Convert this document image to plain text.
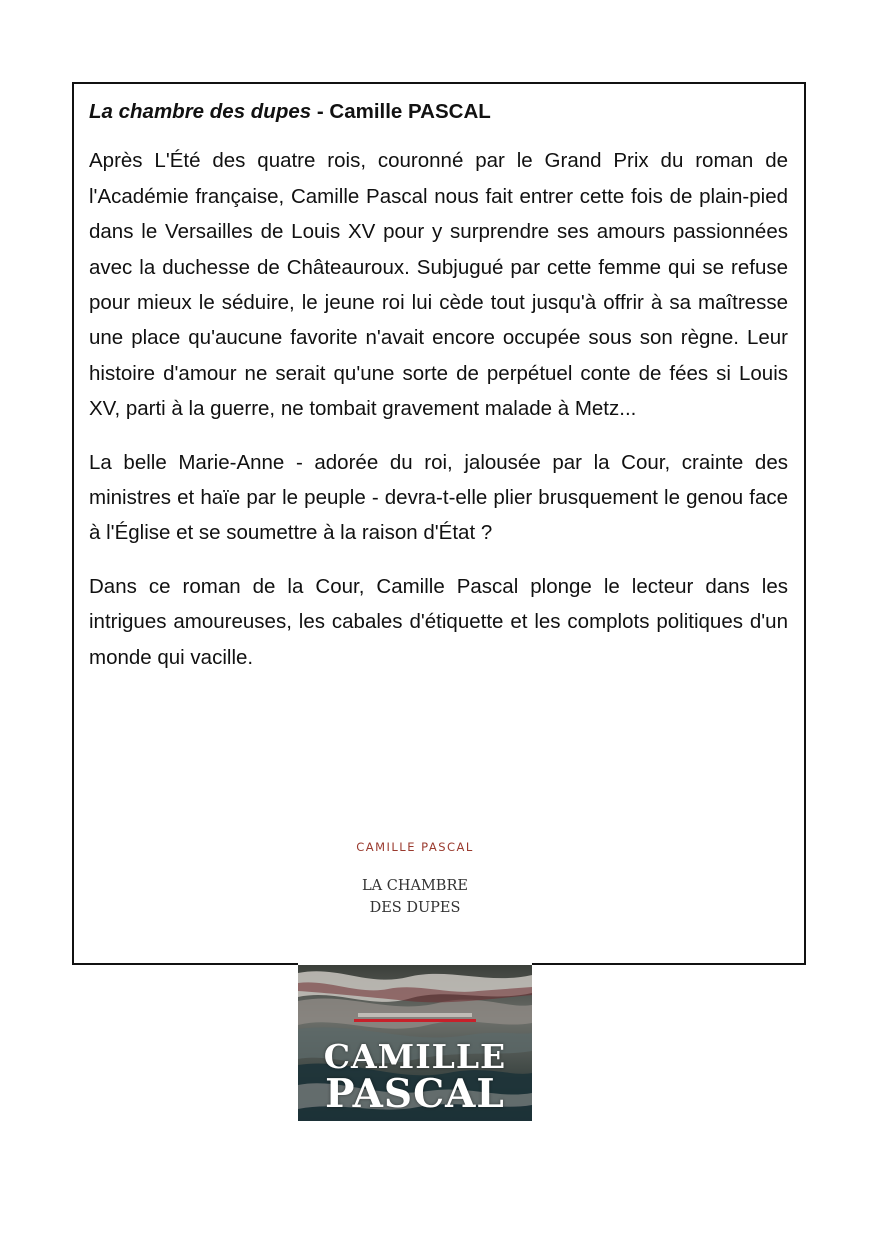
La chambre des dupes - Camille PASCAL

Après L'Été des quatre rois, couronné par le Grand Prix du roman de l'Académie française, Camille Pascal nous fait entrer cette fois de plain-pied dans le Versailles de Louis XV pour y surprendre ses amours passionnées avec la duchesse de Châteauroux. Subjugué par cette femme qui se refuse pour mieux le séduire, le jeune roi lui cède tout jusqu'à offrir à sa maîtresse une place qu'aucune favorite n'avait encore occupée sous son règne. Leur histoire d'amour ne serait qu'une sorte de perpétuel conte de fées si Louis XV, parti à la guerre, ne tombait gravement malade à Metz...

La belle Marie-Anne - adorée du roi, jalousée par la Cour, crainte des ministres et haïe par le peuple - devra-t-elle plier brusquement le genou face à l'Église et se soumettre à la raison d'État ?

Dans ce roman de la Cour, Camille Pascal plonge le lecteur dans les intrigues amoureuses, les cabales d'étiquette et les complots politiques d'un monde qui vacille.

CAMILLE PASCAL
LA CHAMBRE
DES DUPES
CAMILLE
PASCAL
